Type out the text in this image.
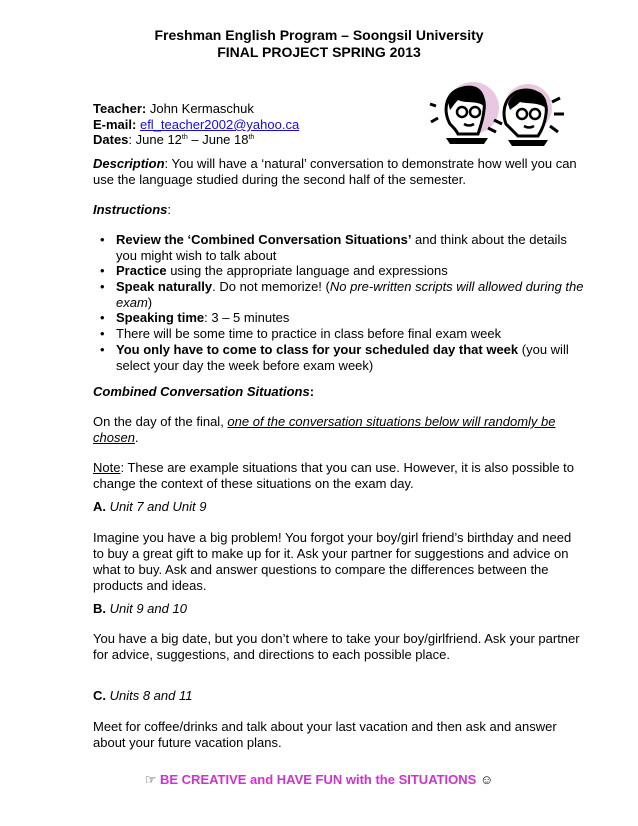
Freshman English Program – Soongsil University
FINAL PROJECT SPRING 2013
Teacher: John Kermaschuk
E-mail: efl_teacher2002@yahoo.ca
Dates: June 12th – June 18th
Description: You will have a ‘natural’ conversation to demonstrate how well you can use the language studied during the second half of the semester.
Instructions:
• Review the ‘Combined Conversation Situations’ and think about the details you might wish to talk about
• Practice using the appropriate language and expressions
• Speak naturally. Do not memorize! (No pre-written scripts will allowed during the exam)
• Speaking time: 3 – 5 minutes
• There will be some time to practice in class before final exam week
• You only have to come to class for your scheduled day that week (you will select your day the week before exam week)
Combined Conversation Situations:
On the day of the final, one of the conversation situations below will randomly be chosen.
Note: These are example situations that you can use. However, it is also possible to change the context of these situations on the exam day.
A. Unit 7 and Unit 9
Imagine you have a big problem! You forgot your boy/girl friend’s birthday and need to buy a great gift to make up for it. Ask your partner for suggestions and advice on what to buy. Ask and answer questions to compare the differences between the products and ideas.
B. Unit 9 and 10
You have a big date, but you don’t where to take your boy/girlfriend. Ask your partner for advice, suggestions, and directions to each possible place.
C. Units 8 and 11
Meet for coffee/drinks and talk about your last vacation and then ask and answer about your future vacation plans.
☞ BE CREATIVE and HAVE FUN with the SITUATIONS ☺
